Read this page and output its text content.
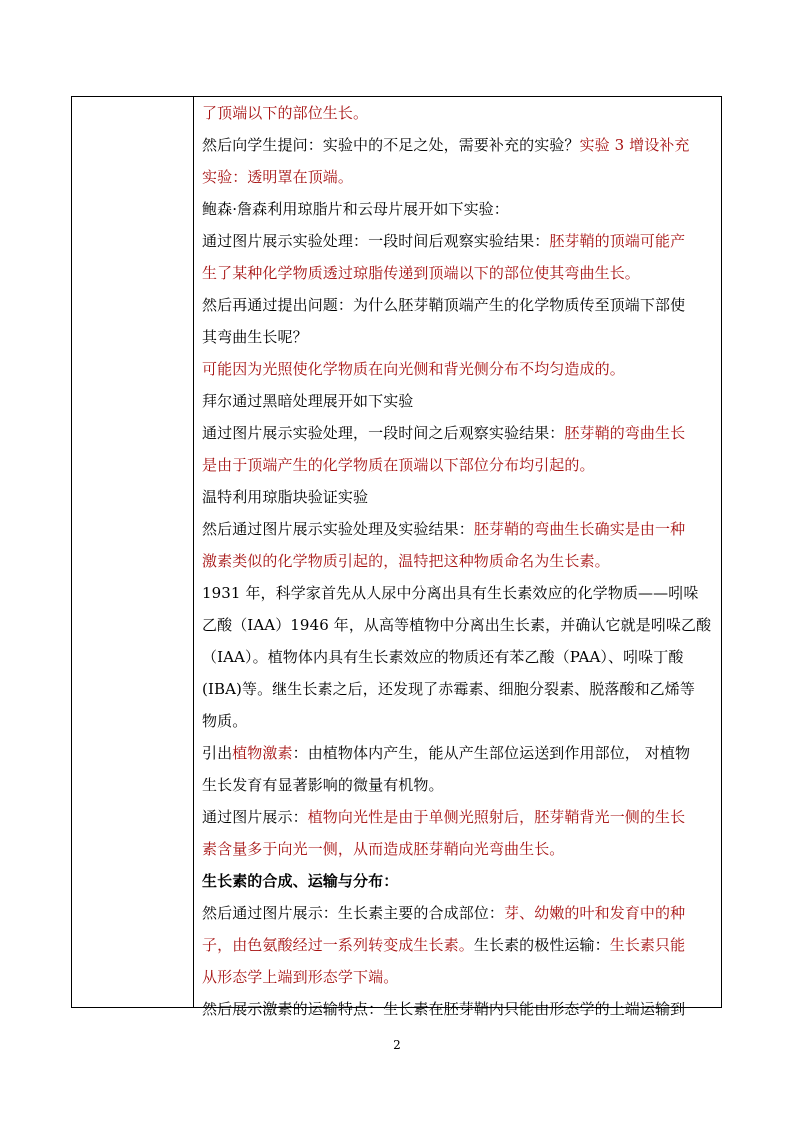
了顶端以下的部位生长。
然后向学生提问：实验中的不足之处，需要补充的实验？实验 3 增设补充
实验：透明罩在顶端。
鲍森·詹森利用琼脂片和云母片展开如下实验：
通过图片展示实验处理：一段时间后观察实验结果：胚芽鞘的顶端可能产
生了某种化学物质透过琼脂传递到顶端以下的部位使其弯曲生长。
然后再通过提出问题：为什么胚芽鞘顶端产生的化学物质传至顶端下部使
其弯曲生长呢？
可能因为光照使化学物质在向光侧和背光侧分布不均匀造成的。
拜尔通过黑暗处理展开如下实验
通过图片展示实验处理，一段时间之后观察实验结果：胚芽鞘的弯曲生长
是由于顶端产生的化学物质在顶端以下部位分布均引起的。
温特利用琼脂块验证实验
然后通过图片展示实验处理及实验结果：胚芽鞘的弯曲生长确实是由一种
激素类似的化学物质引起的，温特把这种物质命名为生长素。
1931 年，科学家首先从人尿中分离出具有生长素效应的化学物质——吲哚
乙酸（IAA）1946 年，从高等植物中分离出生长素，并确认它就是吲哚乙酸
（IAA）。植物体内具有生长素效应的物质还有苯乙酸（PAA）、吲哚丁酸
(IBA)等。继生长素之后，还发现了赤霉素、细胞分裂素、脱落酸和乙烯等
物质。
引出植物激素：由植物体内产生，能从产生部位运送到作用部位， 对植物
生长发育有显著影响的微量有机物。
通过图片展示：植物向光性是由于单侧光照射后，胚芽鞘背光一侧的生长
素含量多于向光一侧，从而造成胚芽鞘向光弯曲生长。
生长素的合成、运输与分布：
然后通过图片展示：生长素主要的合成部位：芽、幼嫩的叶和发育中的种
子，由色氨酸经过一系列转变成生长素。生长素的极性运输：生长素只能
从形态学上端到形态学下端。
然后展示激素的运输特点：生长素在胚芽鞘内只能由形态学的上端运输到
2
